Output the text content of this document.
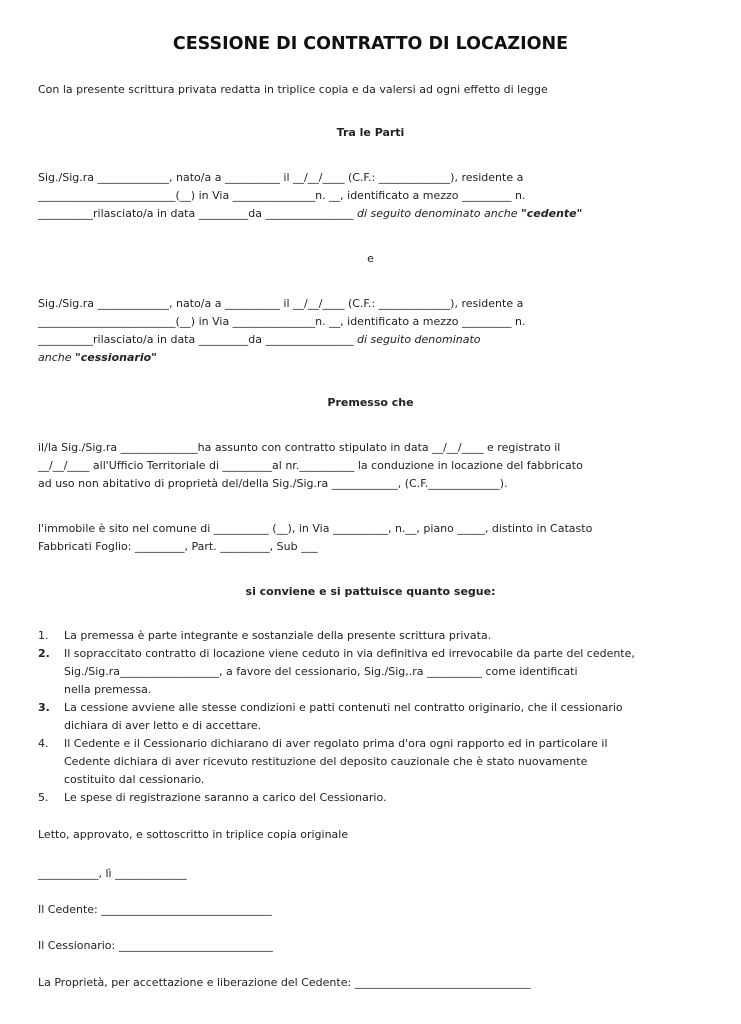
CESSIONE DI CONTRATTO DI LOCAZIONE
Con la presente scrittura privata redatta in triplice copia e da valersi ad ogni effetto di legge
Tra le Parti
Sig./Sig.ra _____________, nato/a a __________ il __/__/____ (C.F.: _____________), residente a
_________________________(__) in Via _______________n. __, identificato a mezzo _________ n.
__________rilasciato/a in data _________da ________________ di seguito denominato anche "cedente"
e
Sig./Sig.ra _____________, nato/a a __________ il __/__/____ (C.F.: _____________), residente a
_________________________(__) in Via _______________n. __, identificato a mezzo _________ n.
__________rilasciato/a in data _________da ________________ di seguito denominato
anche "cessionario"
Premesso che
il/la Sig./Sig.ra ______________ha assunto con contratto stipulato in data __/__/____ e registrato il
__/__/____ all'Ufficio Territoriale di _________al nr.__________ la conduzione in locazione del fabbricato
ad uso non abitativo di proprietà del/della Sig./Sig.ra ____________, (C.F._____________).
l'immobile è sito nel comune di __________ (__), in Via __________, n.__, piano _____, distinto in Catasto
Fabbricati Foglio: _________, Part. _________, Sub ___
si conviene e si pattuisce quanto segue:
1. La premessa è parte integrante e sostanziale della presente scrittura privata.
2. Il sopraccitato contratto di locazione viene ceduto in via definitiva ed irrevocabile da parte del cedente,
Sig./Sig.ra__________________, a favore del cessionario, Sig./Sig,.ra __________ come identificati
nella premessa.
3. La cessione avviene alle stesse condizioni e patti contenuti nel contratto originario, che il cessionario
dichiara di aver letto e di accettare.
4. Il Cedente e il Cessionario dichiarano di aver regolato prima d'ora ogni rapporto ed in particolare il
Cedente dichiara di aver ricevuto restituzione del deposito cauzionale che è stato nuovamente
costituito dal cessionario.
5. Le spese di registrazione saranno a carico del Cessionario.
Letto, approvato, e sottoscritto in triplice copia originale
___________, lì _____________
Il Cedente: _______________________________
Il Cessionario: ____________________________
La Proprietà, per accettazione e liberazione del Cedente: ________________________________
